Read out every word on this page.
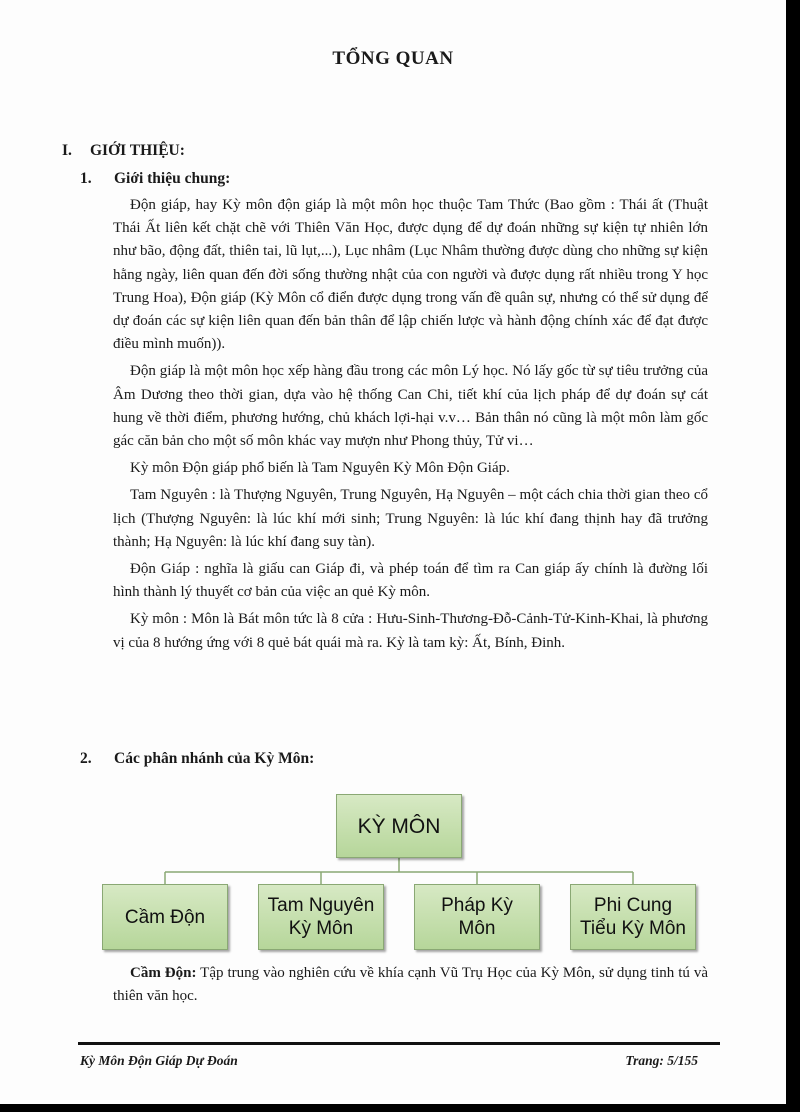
TỔNG QUAN
I. GIỚI THIỆU:
1. Giới thiệu chung:

Độn giáp, hay Kỳ môn độn giáp là một môn học thuộc Tam Thức (Bao gồm : Thái ất (Thuật Thái Ất liên kết chặt chẽ với Thiên Văn Học, được dụng để dự đoán những sự kiện tự nhiên lớn như bão, động đất, thiên tai, lũ lụt,...), Lục nhâm (Lục Nhâm thường được dùng cho những sự kiện hằng ngày, liên quan đến đời sống thường nhật của con người và được dụng rất nhiều trong Y học Trung Hoa), Độn giáp (Kỳ Môn cổ điển được dụng trong vấn đề quân sự, nhưng có thể sử dụng để dự đoán các sự kiện liên quan đến bản thân để lập chiến lược và hành động chính xác để đạt được điều mình muốn)).

Độn giáp là một môn học xếp hàng đầu trong các môn Lý học. Nó lấy gốc từ sự tiêu trưởng của Âm Dương theo thời gian, dựa vào hệ thống Can Chi, tiết khí của lịch pháp để dự đoán sự cát hung về thời điểm, phương hướng, chủ khách lợi-hại v.v… Bản thân nó cũng là một môn làm gốc gác căn bản cho một số môn khác vay mượn như Phong thủy, Tử vi…

Kỳ môn Độn giáp phổ biến là Tam Nguyên Kỳ Môn Độn Giáp.

Tam Nguyên : là Thượng Nguyên, Trung Nguyên, Hạ Nguyên – một cách chia thời gian theo cổ lịch (Thượng Nguyên: là lúc khí mới sinh; Trung Nguyên: là lúc khí đang thịnh hay đã trưởng thành; Hạ Nguyên: là lúc khí đang suy tàn).

Độn Giáp : nghĩa là giấu can Giáp đi, và phép toán để tìm ra Can giáp ấy chính là đường lối hình thành lý thuyết cơ bản của việc an quẻ Kỳ môn.

Kỳ môn : Môn là Bát môn tức là 8 cửa : Hưu-Sinh-Thương-Đỗ-Cảnh-Tử-Kinh-Khai, là phương vị của 8 hướng ứng với 8 quẻ bát quái mà ra. Kỳ là tam kỳ: Ất, Bính, Đinh.

2. Các phân nhánh của Kỳ Môn:
KỲ MÔN
Cầm Độn
Tam Nguyên Kỳ Môn
Pháp Kỳ Môn
Phi Cung Tiểu Kỳ Môn

Cầm Độn: Tập trung vào nghiên cứu về khía cạnh Vũ Trụ Học của Kỳ Môn, sử dụng tinh tú và thiên văn học.

Kỳ Môn Độn Giáp Dự Đoán	Trang: 5/155
